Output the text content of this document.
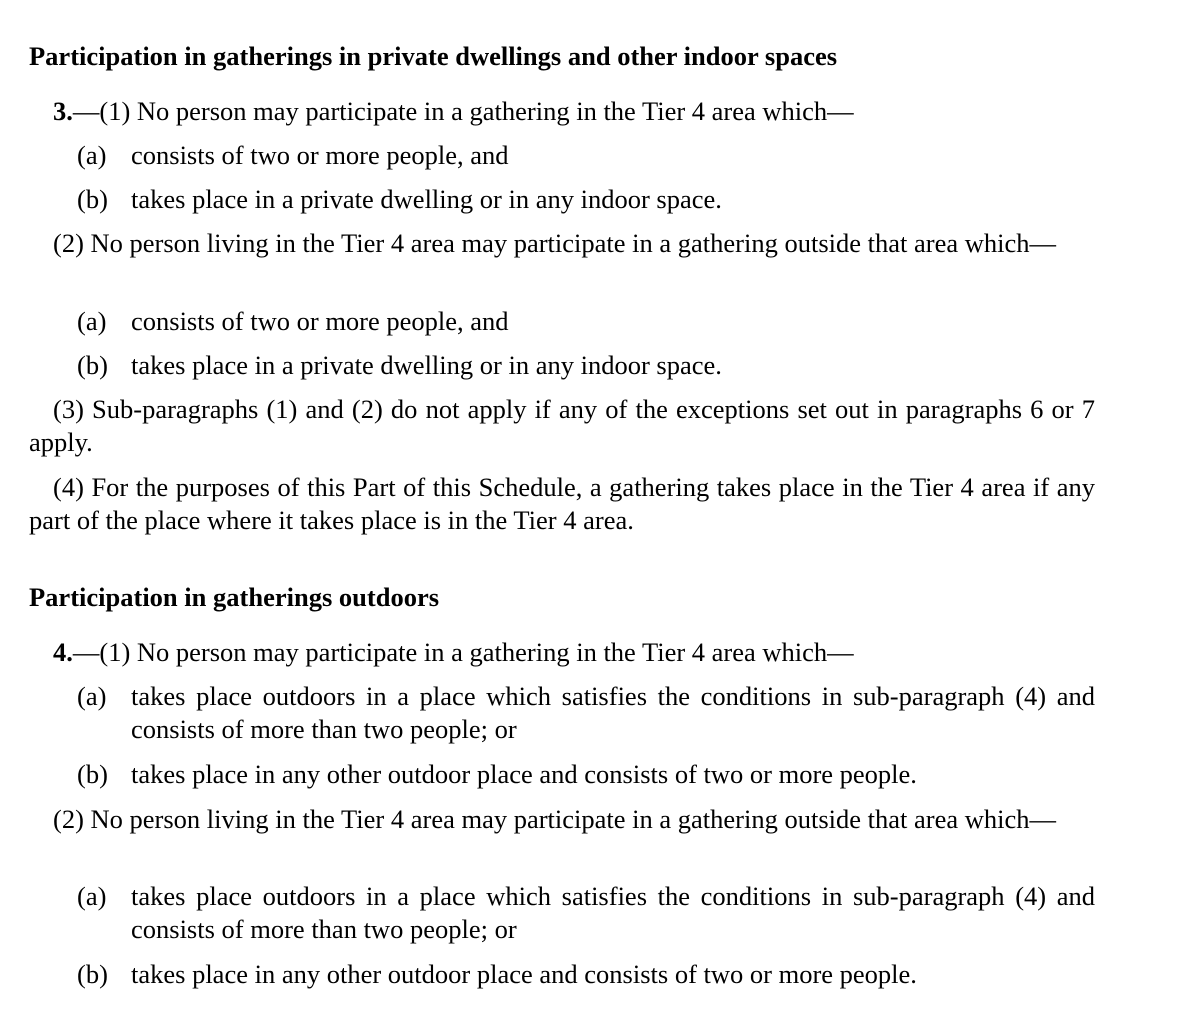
Participation in gatherings in private dwellings and other indoor spaces

3.—(1) No person may participate in a gathering in the Tier 4 area which—

(a) consists of two or more people, and
(b) takes place in a private dwelling or in any indoor space.

(2) No person living in the Tier 4 area may participate in a gathering outside that area which—

(a) consists of two or more people, and
(b) takes place in a private dwelling or in any indoor space.

(3) Sub-paragraphs (1) and (2) do not apply if any of the exceptions set out in paragraphs 6 or 7 apply.

(4) For the purposes of this Part of this Schedule, a gathering takes place in the Tier 4 area if any part of the place where it takes place is in the Tier 4 area.

Participation in gatherings outdoors

4.—(1) No person may participate in a gathering in the Tier 4 area which—

(a) takes place outdoors in a place which satisfies the conditions in sub-paragraph (4) and consists of more than two people; or
(b) takes place in any other outdoor place and consists of two or more people.

(2) No person living in the Tier 4 area may participate in a gathering outside that area which—

(a) takes place outdoors in a place which satisfies the conditions in sub-paragraph (4) and consists of more than two people; or
(b) takes place in any other outdoor place and consists of two or more people.
